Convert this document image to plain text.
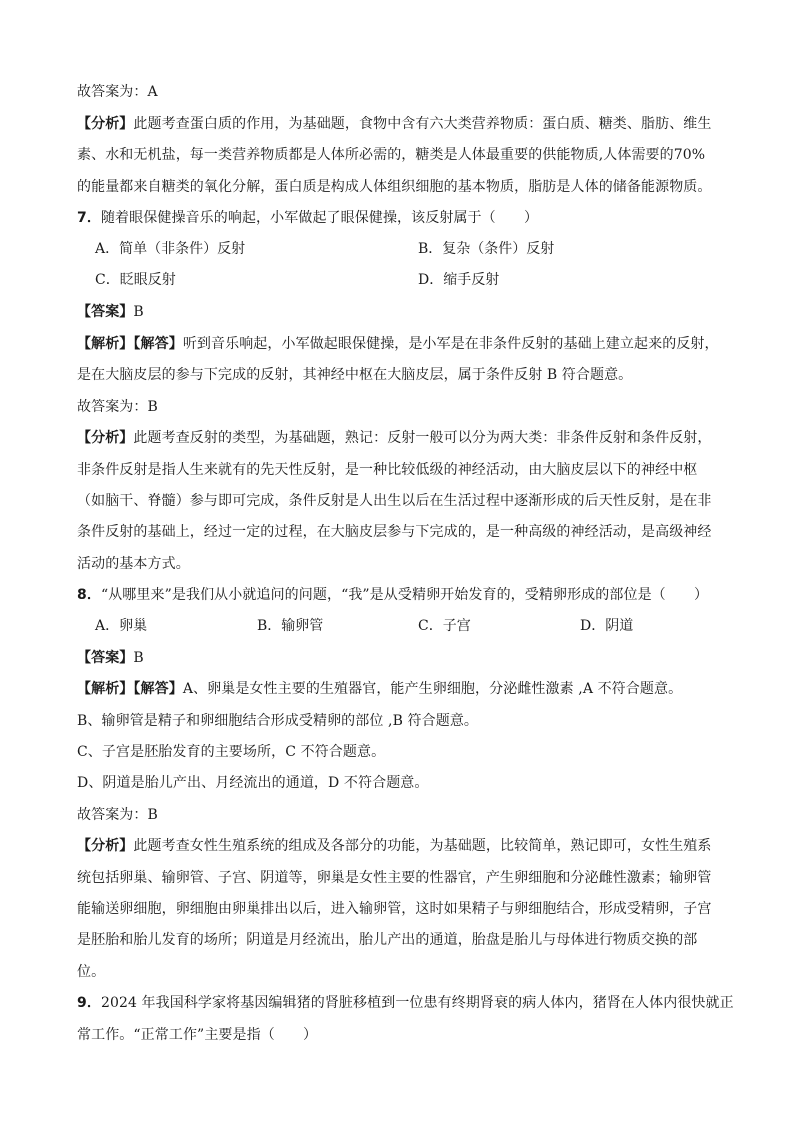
故答案为：A
【分析】此题考查蛋白质的作用，为基础题，食物中含有六大类营养物质：蛋白质、糖类、脂肪、维生
素、水和无机盐，每一类营养物质都是人体所必需的，糖类是人体最重要的供能物质,人体需要的70%
的能量都来自糖类的氧化分解，蛋白质是构成人体组织细胞的基本物质，脂肪是人体的储备能源物质。
7．随着眼保健操音乐的响起，小军做起了眼保健操，该反射属于（　　）
A．简单（非条件）反射	B．复杂（条件）反射
C．眨眼反射	D．缩手反射
【答案】B
【解析】【解答】听到音乐响起，小军做起眼保健操，是小军是在非条件反射的基础上建立起来的反射，
是在大脑皮层的参与下完成的反射，其神经中枢在大脑皮层，属于条件反射 B 符合题意。
故答案为：B
【分析】此题考查反射的类型，为基础题，熟记：反射一般可以分为两大类：非条件反射和条件反射，
非条件反射是指人生来就有的先天性反射，是一种比较低级的神经活动，由大脑皮层以下的神经中枢
（如脑干、脊髓）参与即可完成，条件反射是人出生以后在生活过程中逐渐形成的后天性反射，是在非
条件反射的基础上，经过一定的过程，在大脑皮层参与下完成的，是一种高级的神经活动，是高级神经
活动的基本方式。
8．“从哪里来”是我们从小就追问的问题，“我”是从受精卵开始发育的，受精卵形成的部位是（　　）
A．卵巢	B．输卵管	C．子宫	D．阴道
【答案】B
【解析】【解答】A、卵巢是女性主要的生殖器官，能产生卵细胞，分泌雌性激素 ,A 不符合题意。
B、输卵管是精子和卵细胞结合形成受精卵的部位 ,B 符合题意。
C、子宫是胚胎发育的主要场所，C 不符合题意。
D、阴道是胎儿产出、月经流出的通道，D 不符合题意。
故答案为：B
【分析】此题考查女性生殖系统的组成及各部分的功能，为基础题，比较简单，熟记即可，女性生殖系
统包括卵巢、输卵管、子宫、阴道等，卵巢是女性主要的性器官，产生卵细胞和分泌雌性激素；输卵管
能输送卵细胞，卵细胞由卵巢排出以后，进入输卵管，这时如果精子与卵细胞结合，形成受精卵，子宫
是胚胎和胎儿发育的场所；阴道是月经流出，胎儿产出的通道，胎盘是胎儿与母体进行物质交换的部
位。
9．2024 年我国科学家将基因编辑猪的肾脏移植到一位患有终期肾衰的病人体内，猪肾在人体内很快就正
常工作。“正常工作”主要是指（　　）
